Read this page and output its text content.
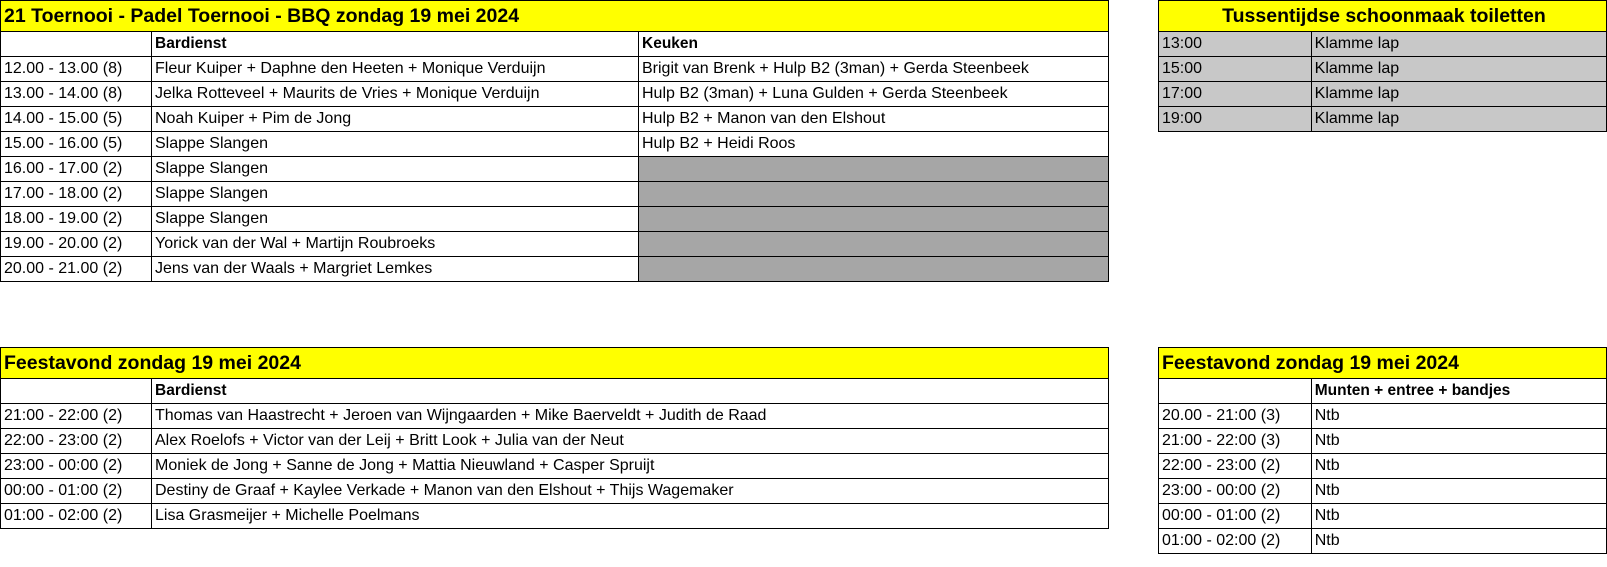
21 Toernooi - Padel Toernooi - BBQ zondag 19 mei 2024		
	Bardienst	Keuken
12.00 - 13.00 (8)	Fleur Kuiper + Daphne den Heeten + Monique Verduijn	Brigit van Brenk + Hulp B2 (3man) + Gerda Steenbeek
13.00 - 14.00 (8)	Jelka Rotteveel + Maurits de Vries + Monique Verduijn	Hulp B2 (3man) + Luna Gulden + Gerda Steenbeek
14.00 - 15.00 (5)	Noah Kuiper + Pim de Jong	Hulp B2 + Manon van den Elshout
15.00 - 16.00 (5)	Slappe Slangen	Hulp B2 + Heidi Roos
16.00 - 17.00 (2)	Slappe Slangen	
17.00 - 18.00 (2)	Slappe Slangen	
18.00 - 19.00 (2)	Slappe Slangen	
19.00 - 20.00 (2)	Yorick van der Wal + Martijn Roubroeks	
20.00 - 21.00 (2)	Jens van der Waals + Margriet Lemkes	
Tussentijdse schoonmaak toiletten	
13:00	Klamme lap
15:00	Klamme lap
17:00	Klamme lap
19:00	Klamme lap
Feestavond zondag 19 mei 2024	
	Bardienst
21:00 - 22:00 (2)	Thomas van Haastrecht + Jeroen van Wijngaarden + Mike Baerveldt + Judith de Raad
22:00 - 23:00 (2)	Alex Roelofs + Victor van der Leij + Britt Look + Julia van der Neut
23:00 - 00:00 (2)	Moniek de Jong + Sanne de Jong + Mattia Nieuwland + Casper Spruijt
00:00 - 01:00 (2)	Destiny de Graaf + Kaylee Verkade + Manon van den Elshout + Thijs Wagemaker
01:00 - 02:00 (2)	Lisa Grasmeijer + Michelle Poelmans
Feestavond zondag 19 mei 2024	
	Munten + entree + bandjes
20.00 - 21:00 (3)	Ntb
21:00 - 22:00 (3)	Ntb
22:00 - 23:00 (2)	Ntb
23:00 - 00:00 (2)	Ntb
00:00 - 01:00 (2)	Ntb
01:00 - 02:00 (2)	Ntb
